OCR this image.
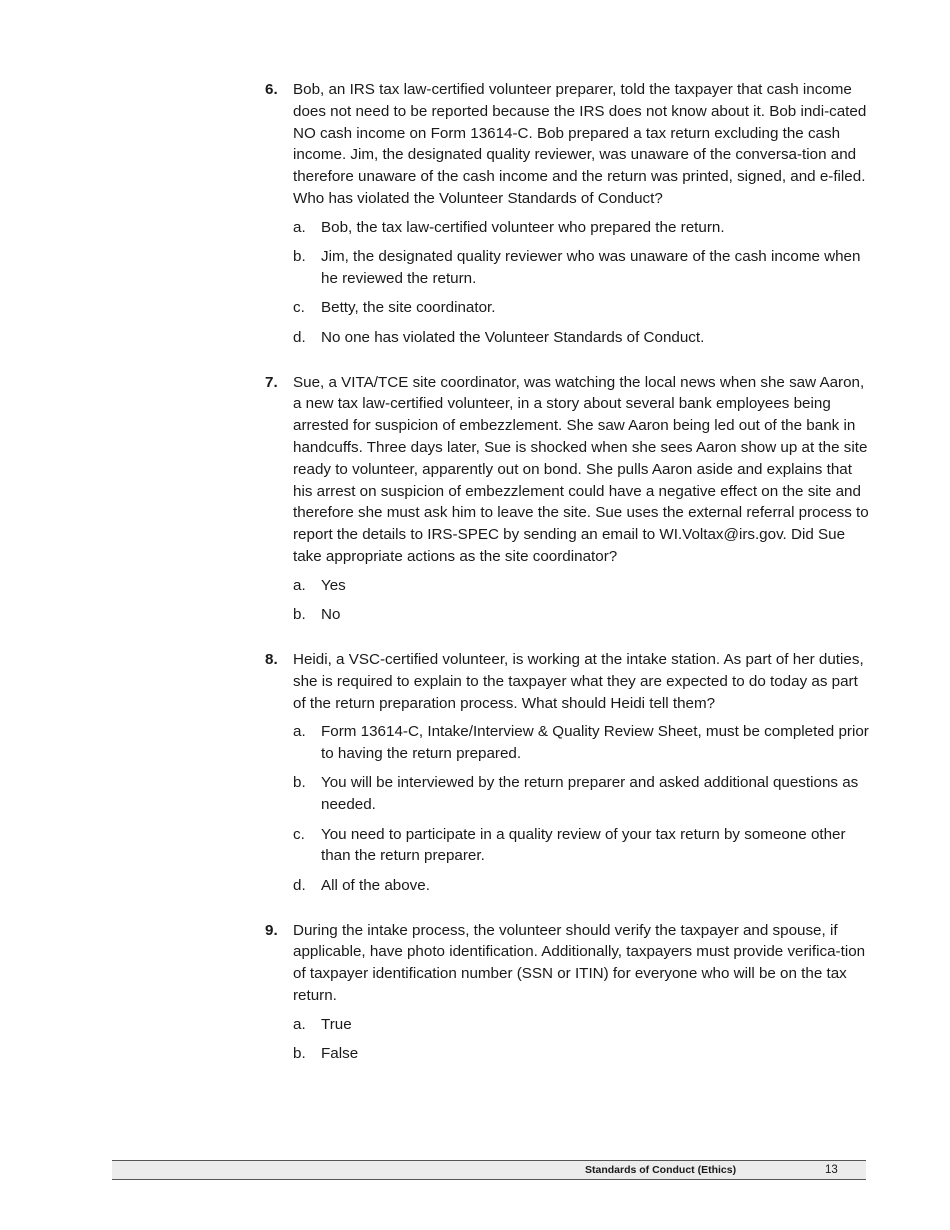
6. Bob, an IRS tax law-certified volunteer preparer, told the taxpayer that cash income does not need to be reported because the IRS does not know about it. Bob indi-cated NO cash income on Form 13614-C. Bob prepared a tax return excluding the cash income. Jim, the designated quality reviewer, was unaware of the conversa-tion and therefore unaware of the cash income and the return was printed, signed, and e-filed. Who has violated the Volunteer Standards of Conduct?
a. Bob, the tax law-certified volunteer who prepared the return.
b. Jim, the designated quality reviewer who was unaware of the cash income when he reviewed the return.
c. Betty, the site coordinator.
d. No one has violated the Volunteer Standards of Conduct.
7. Sue, a VITA/TCE site coordinator, was watching the local news when she saw Aaron, a new tax law-certified volunteer, in a story about several bank employees being arrested for suspicion of embezzlement. She saw Aaron being led out of the bank in handcuffs. Three days later, Sue is shocked when she sees Aaron show up at the site ready to volunteer, apparently out on bond. She pulls Aaron aside and explains that his arrest on suspicion of embezzlement could have a negative effect on the site and therefore she must ask him to leave the site. Sue uses the external referral process to report the details to IRS-SPEC by sending an email to WI.Voltax@irs.gov. Did Sue take appropriate actions as the site coordinator?
a. Yes
b. No
8. Heidi, a VSC-certified volunteer, is working at the intake station. As part of her duties, she is required to explain to the taxpayer what they are expected to do today as part of the return preparation process. What should Heidi tell them?
a. Form 13614-C, Intake/Interview & Quality Review Sheet, must be completed prior to having the return prepared.
b. You will be interviewed by the return preparer and asked additional questions as needed.
c. You need to participate in a quality review of your tax return by someone other than the return preparer.
d. All of the above.
9. During the intake process, the volunteer should verify the taxpayer and spouse, if applicable, have photo identification. Additionally, taxpayers must provide verifica-tion of taxpayer identification number (SSN or ITIN) for everyone who will be on the tax return.
a. True
b. False
Standards of Conduct (Ethics)	13
